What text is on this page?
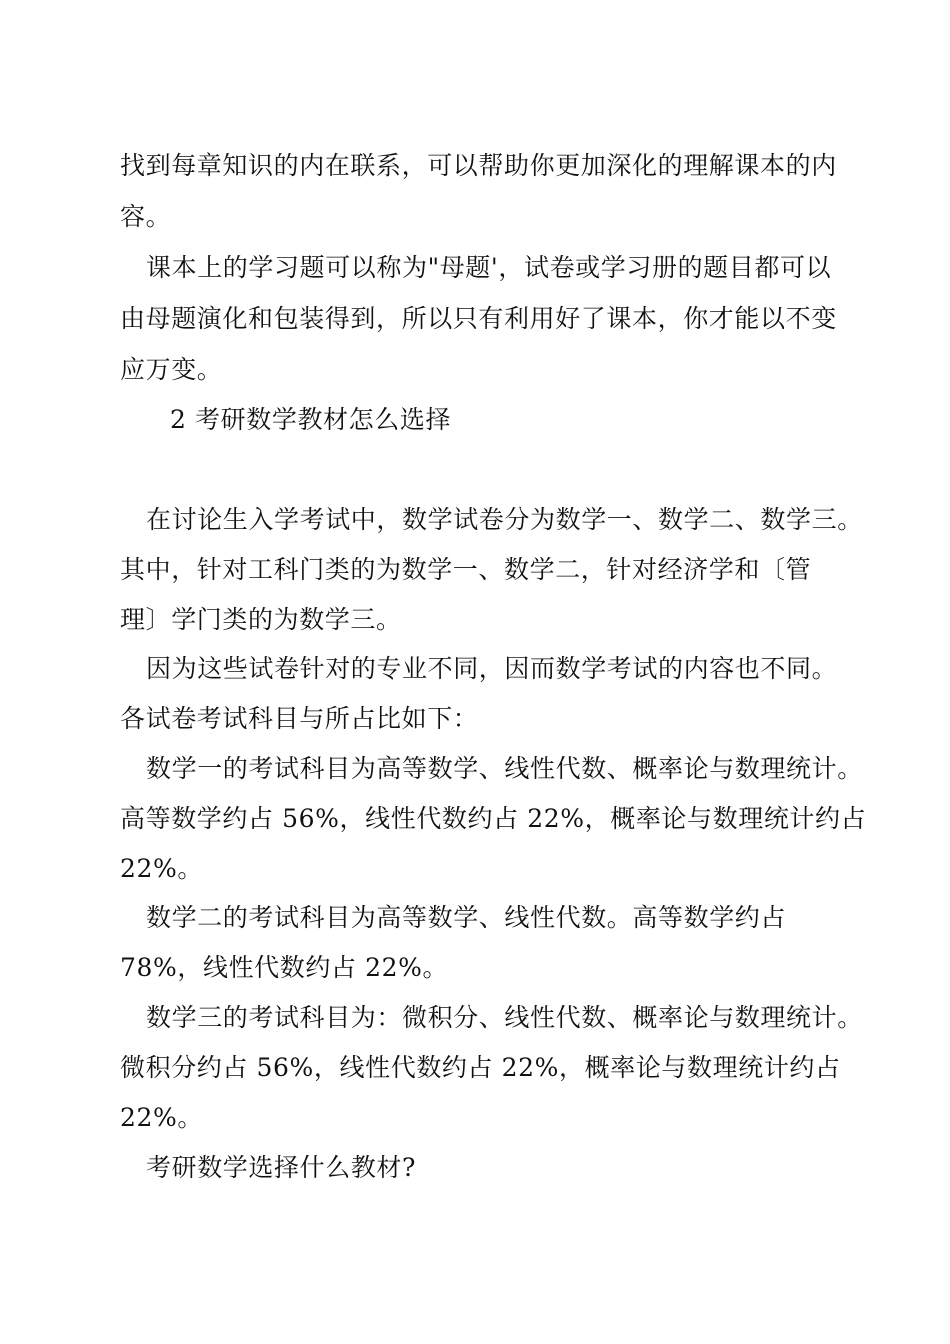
找到每章知识的内在联系，可以帮助你更加深化的理解课本的内
容。
课本上的学习题可以称为"母题'，试卷或学习册的题目都可以
由母题演化和包装得到，所以只有利用好了课本，你才能以不变
应万变。
2 考研数学教材怎么选择
在讨论生入学考试中，数学试卷分为数学一、数学二、数学三。
其中，针对工科门类的为数学一、数学二，针对经济学和〔管
理〕学门类的为数学三。
因为这些试卷针对的专业不同，因而数学考试的内容也不同。
各试卷考试科目与所占比如下：
数学一的考试科目为高等数学、线性代数、概率论与数理统计。
高等数学约占 56%，线性代数约占 22%，概率论与数理统计约占
22%。
数学二的考试科目为高等数学、线性代数。高等数学约占
78%，线性代数约占 22%。
数学三的考试科目为：微积分、线性代数、概率论与数理统计。
微积分约占 56%，线性代数约占 22%，概率论与数理统计约占
22%。
考研数学选择什么教材?
